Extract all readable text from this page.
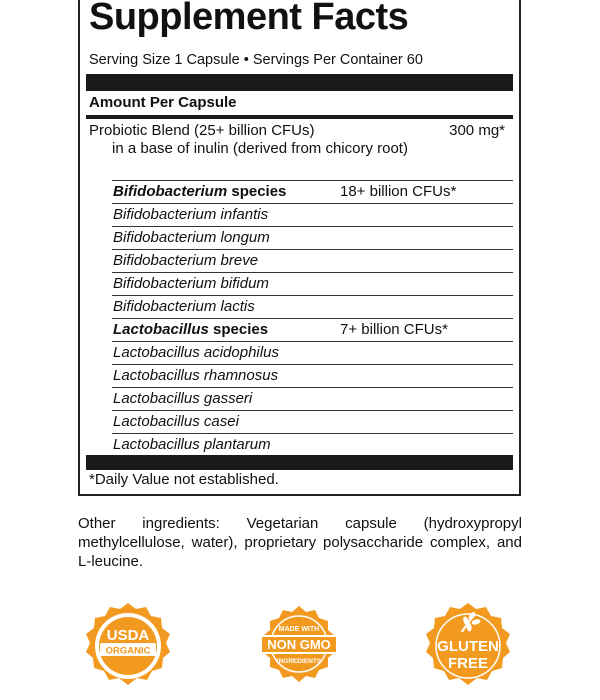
Supplement Facts
Serving Size 1 Capsule • Servings Per Container 60
Amount Per Capsule
Probiotic Blend (25+ billion CFUs)	300 mg*
in a base of inulin (derived from chicory root)
Bifidobacterium species	18+ billion CFUs*
Bifidobacterium infantis
Bifidobacterium longum
Bifidobacterium breve
Bifidobacterium bifidum
Bifidobacterium lactis
Lactobacillus species	7+ billion CFUs*
Lactobacillus acidophilus
Lactobacillus rhamnosus
Lactobacillus gasseri
Lactobacillus casei
Lactobacillus plantarum
*Daily Value not established.
Other ingredients: Vegetarian capsule (hydroxypropyl methylcellulose, water), proprietary polysaccharide complex, and L-leucine.
USDA
ORGANIC
MADE WITH
NON GMO
INGREDIENTS
GLUTEN
FREE
